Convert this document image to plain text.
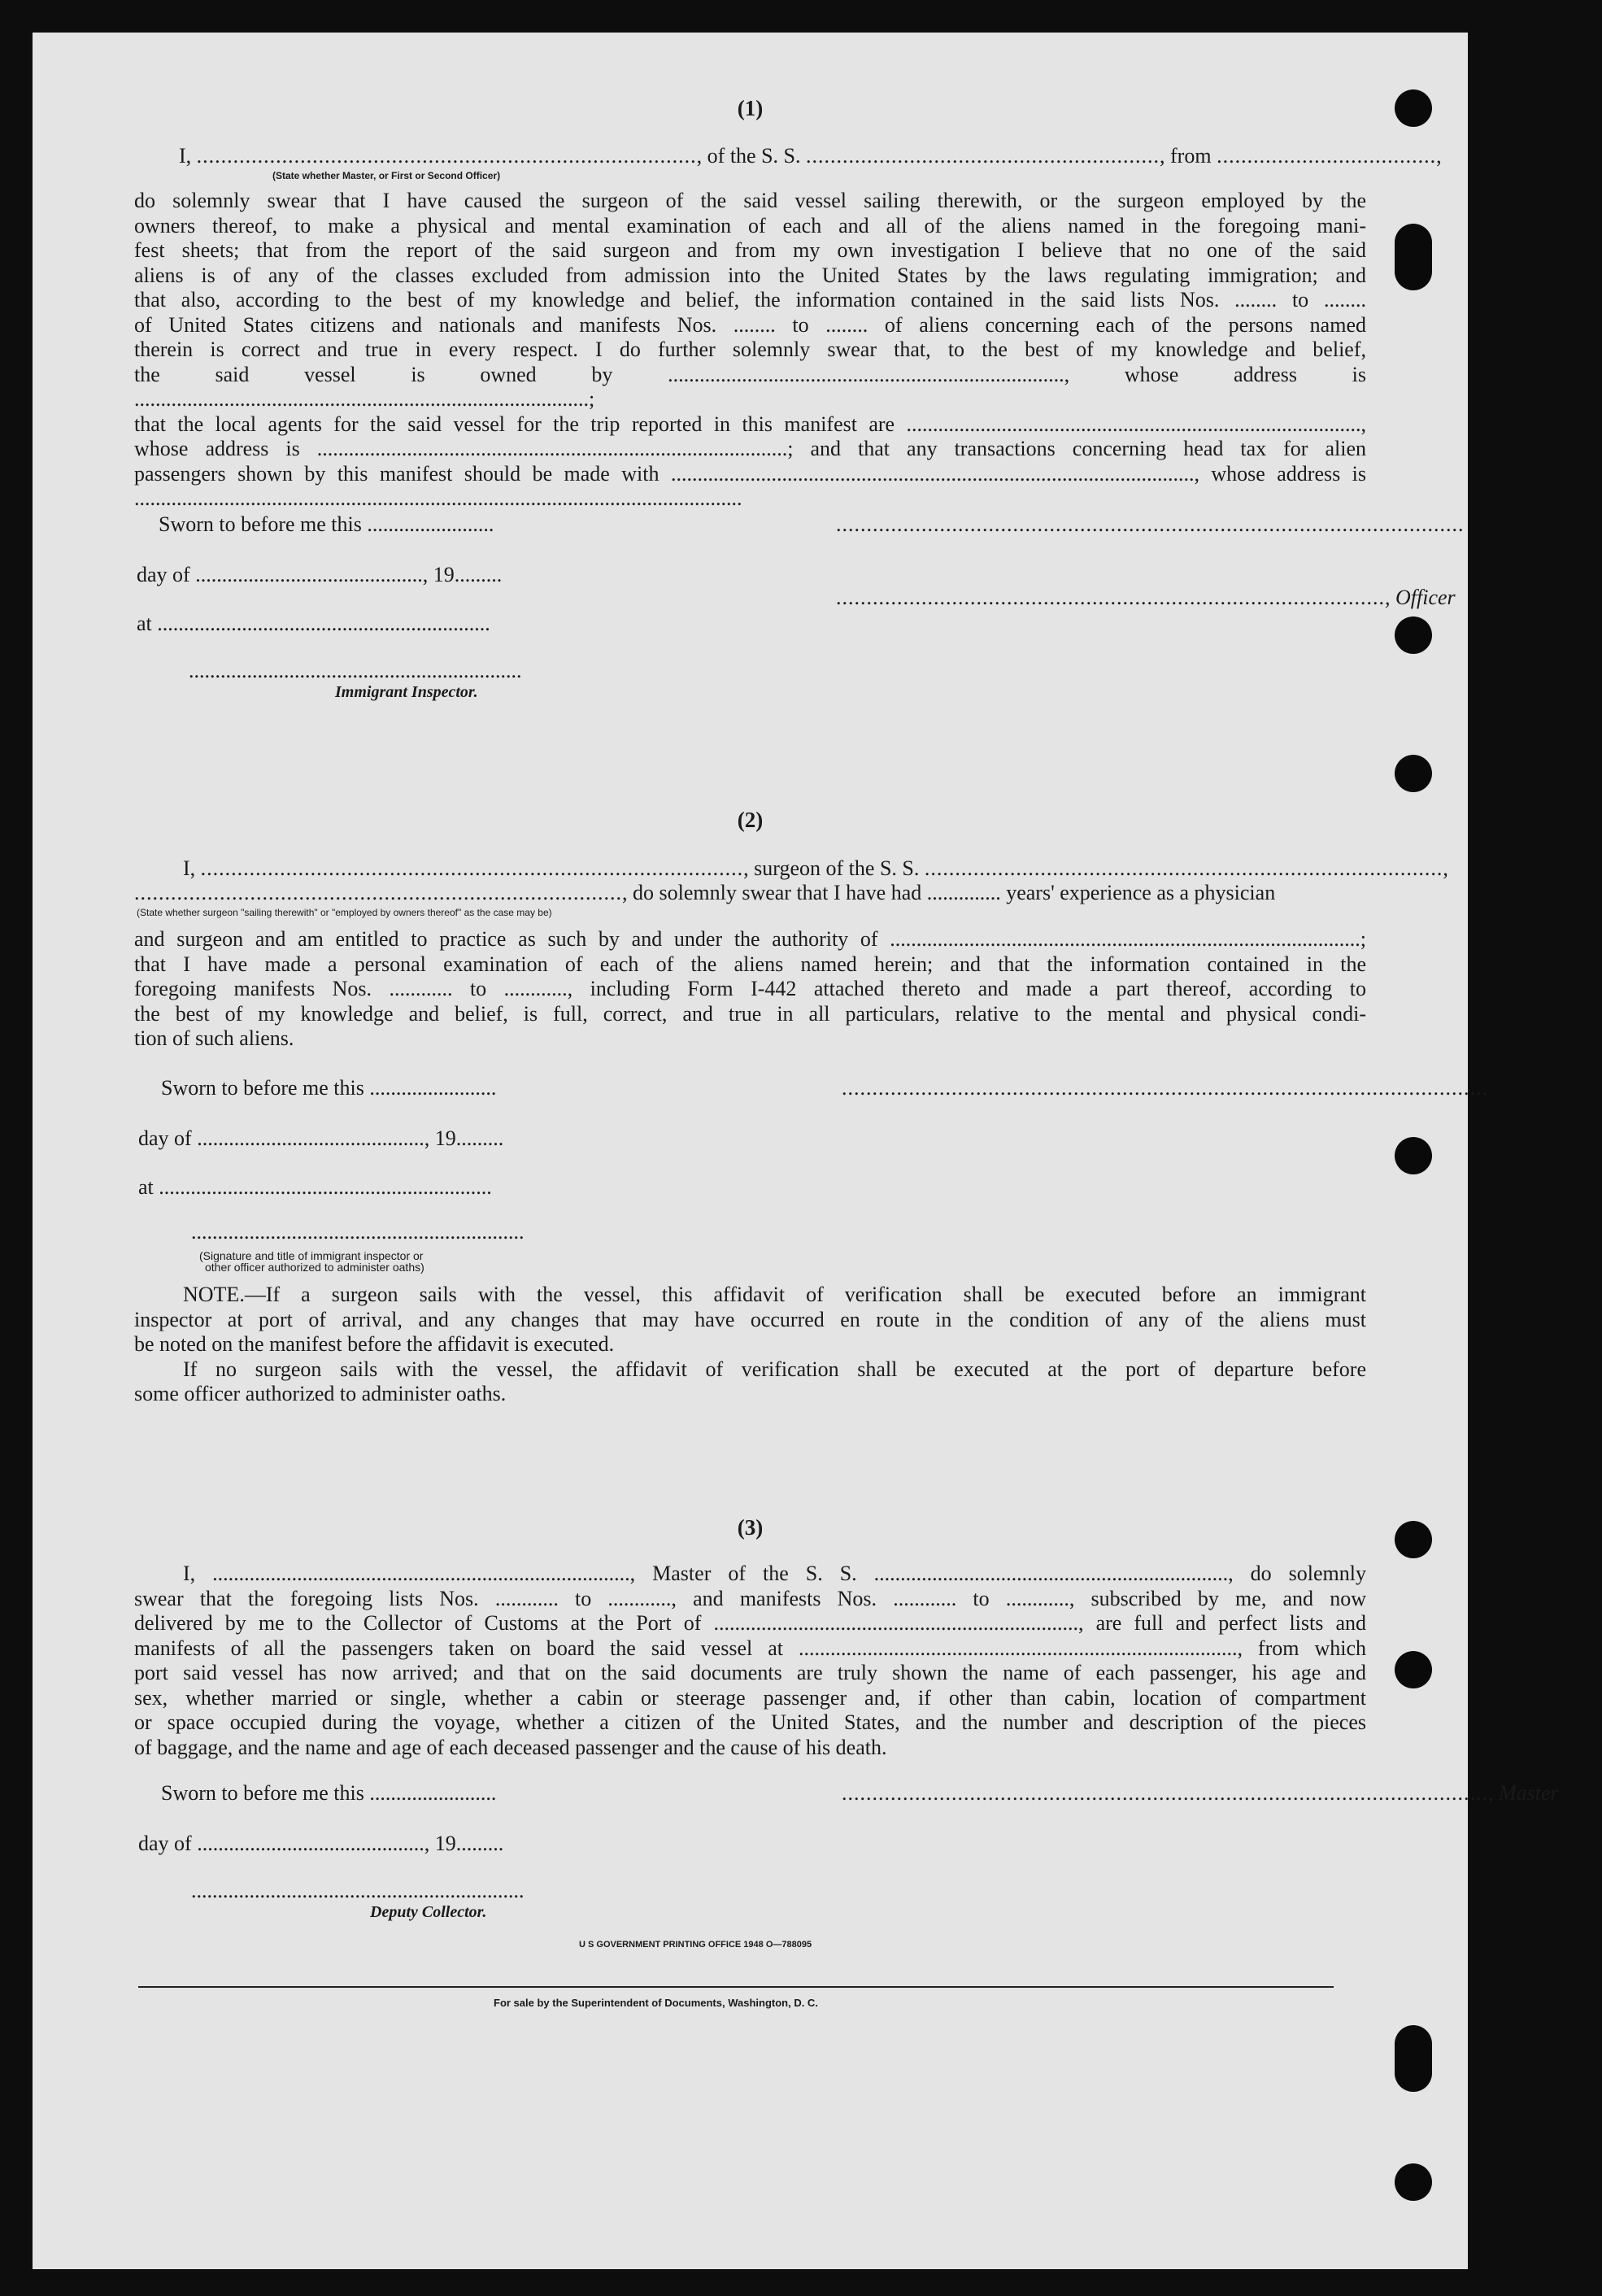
(1)
I, .................................................................................., of the S. S. .........................................................., from ....................................,
(State whether Master, or First or Second Officer)
do solemnly swear that I have caused the surgeon of the said vessel sailing therewith, or the surgeon employed by the
owners thereof, to make a physical and mental examination of each and all of the aliens named in the foregoing mani-
fest sheets; that from the report of the said surgeon and from my own investigation I believe that no one of the said
aliens is of any of the classes excluded from admission into the United States by the laws regulating immigration; and
that also, according to the best of my knowledge and belief, the information contained in the said lists Nos. ........ to ........
of United States citizens and nationals and manifests Nos. ........ to ........ of aliens concerning each of the persons named
therein is correct and true in every respect. I do further solemnly swear that, to the best of my knowledge and belief,
the said vessel is owned by ..........................................................................., whose address is ......................................................................................;
that the local agents for the said vessel for the trip reported in this manifest are ......................................................................................,
whose address is .........................................................................................; and that any transactions concerning head tax for alien
passengers shown by this manifest should be made with ..................................................................................................., whose address is
...................................................................................................................
Sworn to before me this ........................	.......................................................................................................
day of ..........................................., 19.........
.........................................................................................., Officer
at ...............................................................
...............................................................
Immigrant Inspector.
(2)
I, ........................................................................................., surgeon of the S. S. .....................................................................................,
................................................................................, do solemnly swear that I have had .............. years' experience as a physician
(State whether surgeon "sailing therewith" or "employed by owners thereof" as the case may be)
and surgeon and am entitled to practice as such by and under the authority of .........................................................................................;
that I have made a personal examination of each of the aliens named herein; and that the information contained in the
foregoing manifests Nos. ............ to ............, including Form I-442 attached thereto and made a part thereof, according to
the best of my knowledge and belief, is full, correct, and true in all particulars, relative to the mental and physical condi-
tion of such aliens.
Sworn to before me this ........................	..........................................................................................................
day of ..........................................., 19.........
at ...............................................................
...............................................................
(Signature and title of immigrant inspector or
other officer authorized to administer oaths)
NOTE.—If a surgeon sails with the vessel, this affidavit of verification shall be executed before an immigrant
inspector at port of arrival, and any changes that may have occurred en route in the condition of any of the aliens must
be noted on the manifest before the affidavit is executed.
If no surgeon sails with the vessel, the affidavit of verification shall be executed at the port of departure before
some officer authorized to administer oaths.
(3)
I, ..............................................................................., Master of the S. S. ..................................................................., do solemnly
swear that the foregoing lists Nos. ............ to ............, and manifests Nos. ............ to ............, subscribed by me, and now
delivered by me to the Collector of Customs at the Port of ....................................................................., are full and perfect lists and
manifests of all the passengers taken on board the said vessel at ..................................................................................., from which
port said vessel has now arrived; and that on the said documents are truly shown the name of each passenger, his age and
sex, whether married or single, whether a cabin or steerage passenger and, if other than cabin, location of compartment
or space occupied during the voyage, whether a citizen of the United States, and the number and description of the pieces
of baggage, and the name and age of each deceased passenger and the cause of his death.
Sworn to before me this ........................	.........................................................................................................., Master
day of ..........................................., 19.........
...............................................................
Deputy Collector.
U S GOVERNMENT PRINTING OFFICE 1948 O—788095
For sale by the Superintendent of Documents, Washington, D. C.
